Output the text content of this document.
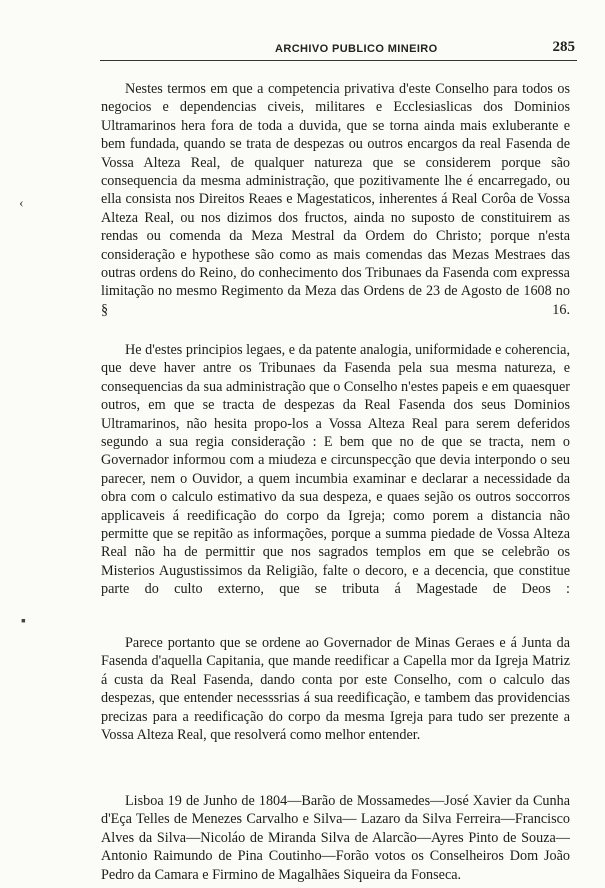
ARCHIVO PUBLICO MINEIRO	285
‹
▪

Nestes termos em que a competencia privativa d'este Conselho para todos os negocios e dependencias civeis, militares e Ecclesiaslicas dos Dominios Ultramarinos hera fora de toda a duvida, que se torna ainda mais exluberante e bem fundada, quando se trata de despezas ou outros encargos da real Fasenda de Vossa Alteza Real, de qualquer natureza que se considerem porque são consequencia da mesma administração, que pozitivamente lhe é encarregado, ou ella consista nos Direitos Reaes e Magestaticos, inherentes á Real Corôa de Vossa Alteza Real, ou nos dizimos dos fructos, ainda no suposto de constituirem as rendas ou comenda da Meza Mestral da Ordem do Christo; porque n'esta consideração e hypothese são como as mais comendas das Mezas Mestraes das outras ordens do Reino, do conhecimento dos Tribunaes da Fasenda com expressa limitação no mesmo Regimento da Meza das Ordens de 23 de Agosto de 1608 no § 16.

He d'estes principios legaes, e da patente analogia, uniformidade e coherencia, que deve haver antre os Tribunaes da Fasenda pela sua mesma natureza, e consequencias da sua administração que o Conselho n'estes papeis e em quaesquer outros, em que se tracta de despezas da Real Fasenda dos seus Dominios Ultramarinos, não hesita propo-los a Vossa Alteza Real para serem deferidos segundo a sua regia consideração : E bem que no de que se tracta, nem o Governador informou com a miudeza e circunspecção que devia interpondo o seu parecer, nem o Ouvidor, a quem incumbia examinar e declarar a necessidade da obra com o calculo estimativo da sua despeza, e quaes sejão os outros soccorros applicaveis á reedificação do corpo da Igreja; como porem a distancia não permitte que se repitão as informações, porque a summa piedade de Vossa Alteza Real não ha de permittir que nos sagrados templos em que se celebrão os Misterios Augustissimos da Religião, falte o decoro, e a decencia, que constitue parte do culto externo, que se tributa á Magestade de Deos :

Parece portanto que se ordene ao Governador de Minas Geraes e á Junta da Fasenda d'aquella Capitania, que mande reedificar a Capella mor da Igreja Matriz á custa da Real Fasenda, dando conta por este Conselho, com o calculo das despezas, que entender necesssrias á sua reedificação, e tambem das providencias precizas para a reedificação do corpo da mesma Igreja para tudo ser prezente a Vossa Alteza Real, que resolverá como melhor entender.

Lisboa 19 de Junho de 1804—Barão de Mossamedes—José Xavier da Cunha d'Eça Telles de Menezes Carvalho e Silva— Lazaro da Silva Ferreira—Francisco Alves da Silva—Nicoláo de Miranda Silva de Alarcão—Ayres Pinto de Souza—Antonio Raimundo de Pina Coutinho—Forão votos os Conselheiros Dom João Pedro da Camara e Firmino de Magalhães Siqueira da Fonseca.
